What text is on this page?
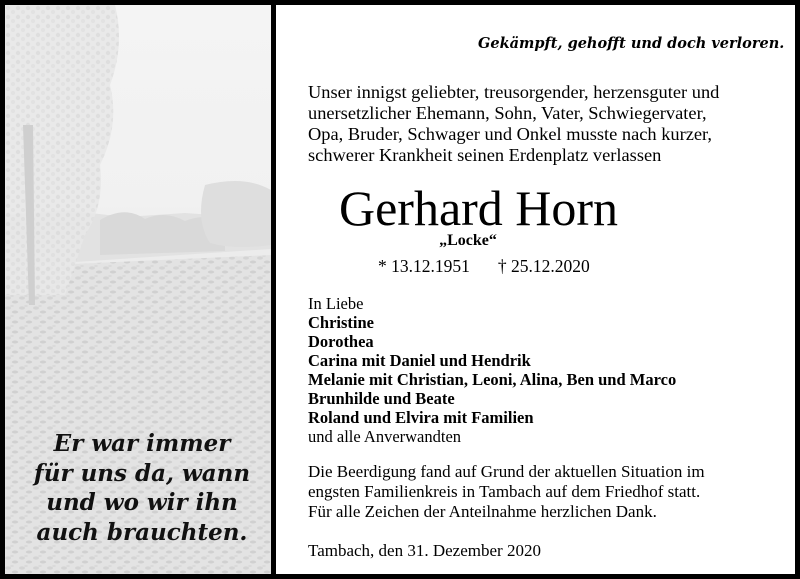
Er war immer
für uns da, wann
und wo wir ihn
auch brauchten.
Gekämpft, gehofft und doch verloren.
Unser innigst geliebter, treusorgender, herzensguter und
unersetzlicher Ehemann, Sohn, Vater, Schwiegervater,
Opa, Bruder, Schwager und Onkel musste nach kurzer,
schwerer Krankheit seinen Erdenplatz verlassen
Gerhard Horn
„Locke“
* 13.12.1951 † 25.12.2020
In Liebe
Christine
Dorothea
Carina mit Daniel und Hendrik
Melanie mit Christian, Leoni, Alina, Ben und Marco
Brunhilde und Beate
Roland und Elvira mit Familien
und alle Anverwandten
Die Beerdigung fand auf Grund der aktuellen Situation im
engsten Familienkreis in Tambach auf dem Friedhof statt.
Für alle Zeichen der Anteilnahme herzlichen Dank.
Tambach, den 31. Dezember 2020
